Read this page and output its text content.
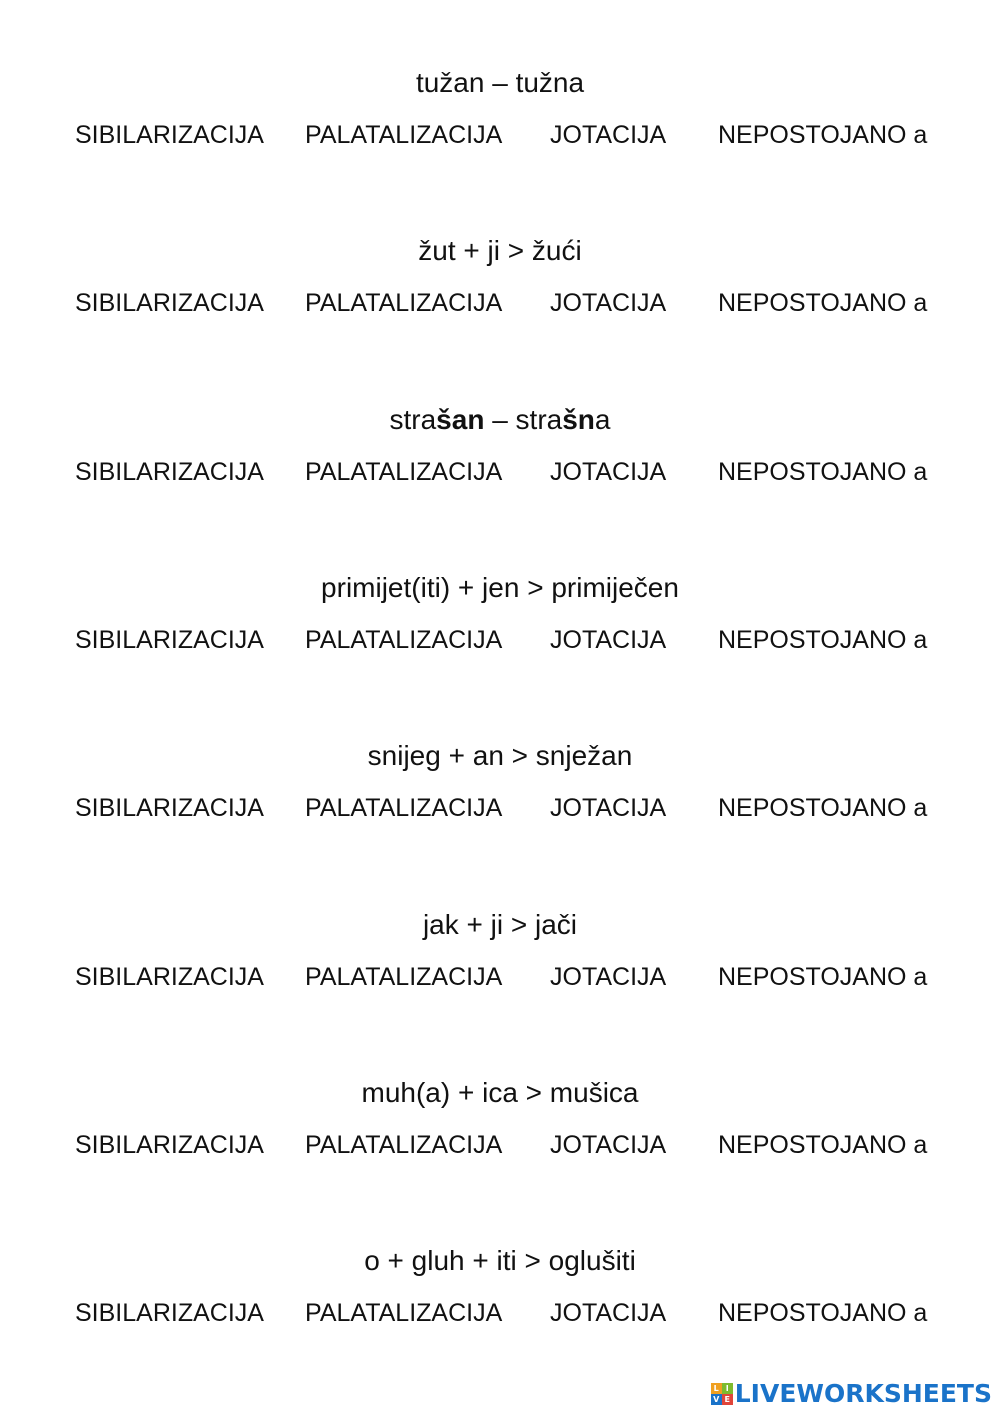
tužan – tužna
SIBILARIZACIJA PALATALIZACIJA JOTACIJA NEPOSTOJANO a
žut + ji > žući
SIBILARIZACIJA PALATALIZACIJA JOTACIJA NEPOSTOJANO a
strašan – strašna
SIBILARIZACIJA PALATALIZACIJA JOTACIJA NEPOSTOJANO a
primijet(iti) + jen > primiječen
SIBILARIZACIJA PALATALIZACIJA JOTACIJA NEPOSTOJANO a
snijeg + an > snježan
SIBILARIZACIJA PALATALIZACIJA JOTACIJA NEPOSTOJANO a
jak + ji > jači
SIBILARIZACIJA PALATALIZACIJA JOTACIJA NEPOSTOJANO a
muh(a) + ica > mušica
SIBILARIZACIJA PALATALIZACIJA JOTACIJA NEPOSTOJANO a
o + gluh + iti > oglušiti
SIBILARIZACIJA PALATALIZACIJA JOTACIJA NEPOSTOJANO a
L I
V E LIVEWORKSHEETS
